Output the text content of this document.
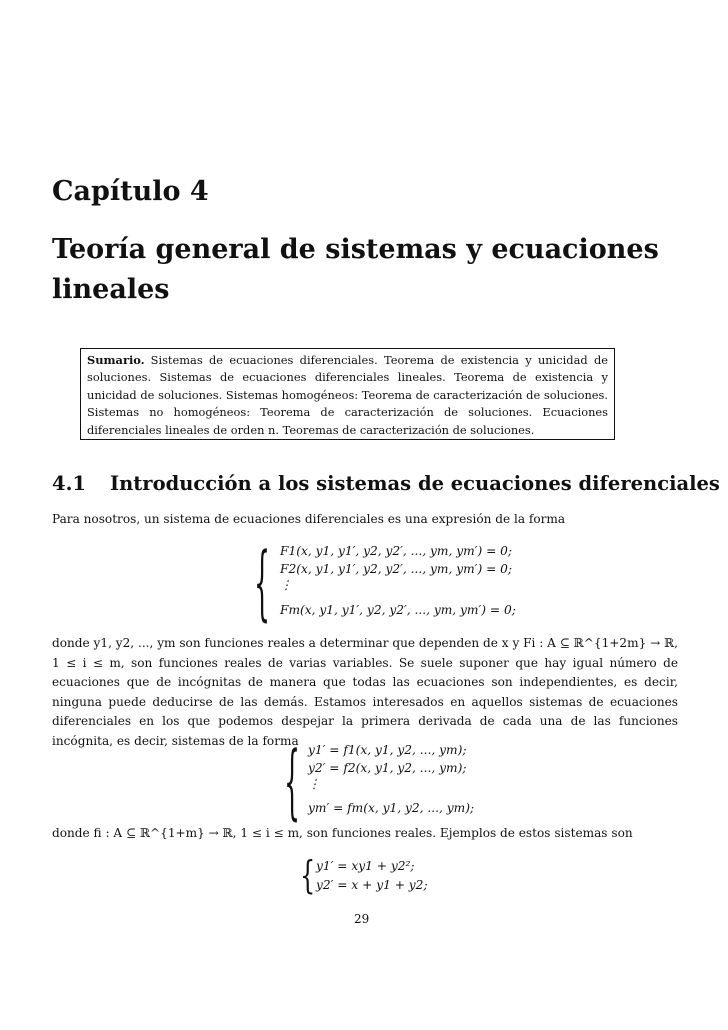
Capítulo 4
Teoría general de sistemas y ecuaciones lineales

Sumario. Sistemas de ecuaciones diferenciales. Teorema de existencia y unicidad de soluciones. Sistemas de ecuaciones diferenciales lineales. Teorema de existencia y unicidad de soluciones. Sistemas homogéneos: Teorema de caracterización de soluciones. Sistemas no homogéneos: Teorema de caracterización de soluciones. Ecuaciones diferenciales lineales de orden n. Teoremas de caracterización de soluciones.

4.1 Introducción a los sistemas de ecuaciones diferenciales

Para nosotros, un sistema de ecuaciones diferenciales es una expresión de la forma

{ F1(x, y1, y1′, y2, y2′, ..., ym, ym′) = 0;
F2(x, y1, y1′, y2, y2′, ..., ym, ym′) = 0;
⋮
Fm(x, y1, y1′, y2, y2′, ..., ym, ym′) = 0;

donde y1, y2, ..., ym son funciones reales a determinar que dependen de x y Fi : A ⊆ ℝ^{1+2m} → ℝ, 1 ≤ i ≤ m, son funciones reales de varias variables. Se suele suponer que hay igual número de ecuaciones que de incógnitas de manera que todas las ecuaciones son independientes, es decir, ninguna puede deducirse de las demás. Estamos interesados en aquellos sistemas de ecuaciones diferenciales en los que podemos despejar la primera derivada de cada una de las funciones incógnita, es decir, sistemas de la forma

{ y1′ = f1(x, y1, y2, ..., ym);
y2′ = f2(x, y1, y2, ..., ym);
⋮
ym′ = fm(x, y1, y2, ..., ym);

donde fi : A ⊆ ℝ^{1+m} → ℝ, 1 ≤ i ≤ m, son funciones reales. Ejemplos de estos sistemas son

{ y1′ = xy1 + y2²;
y2′ = x + y1 + y2;
29
